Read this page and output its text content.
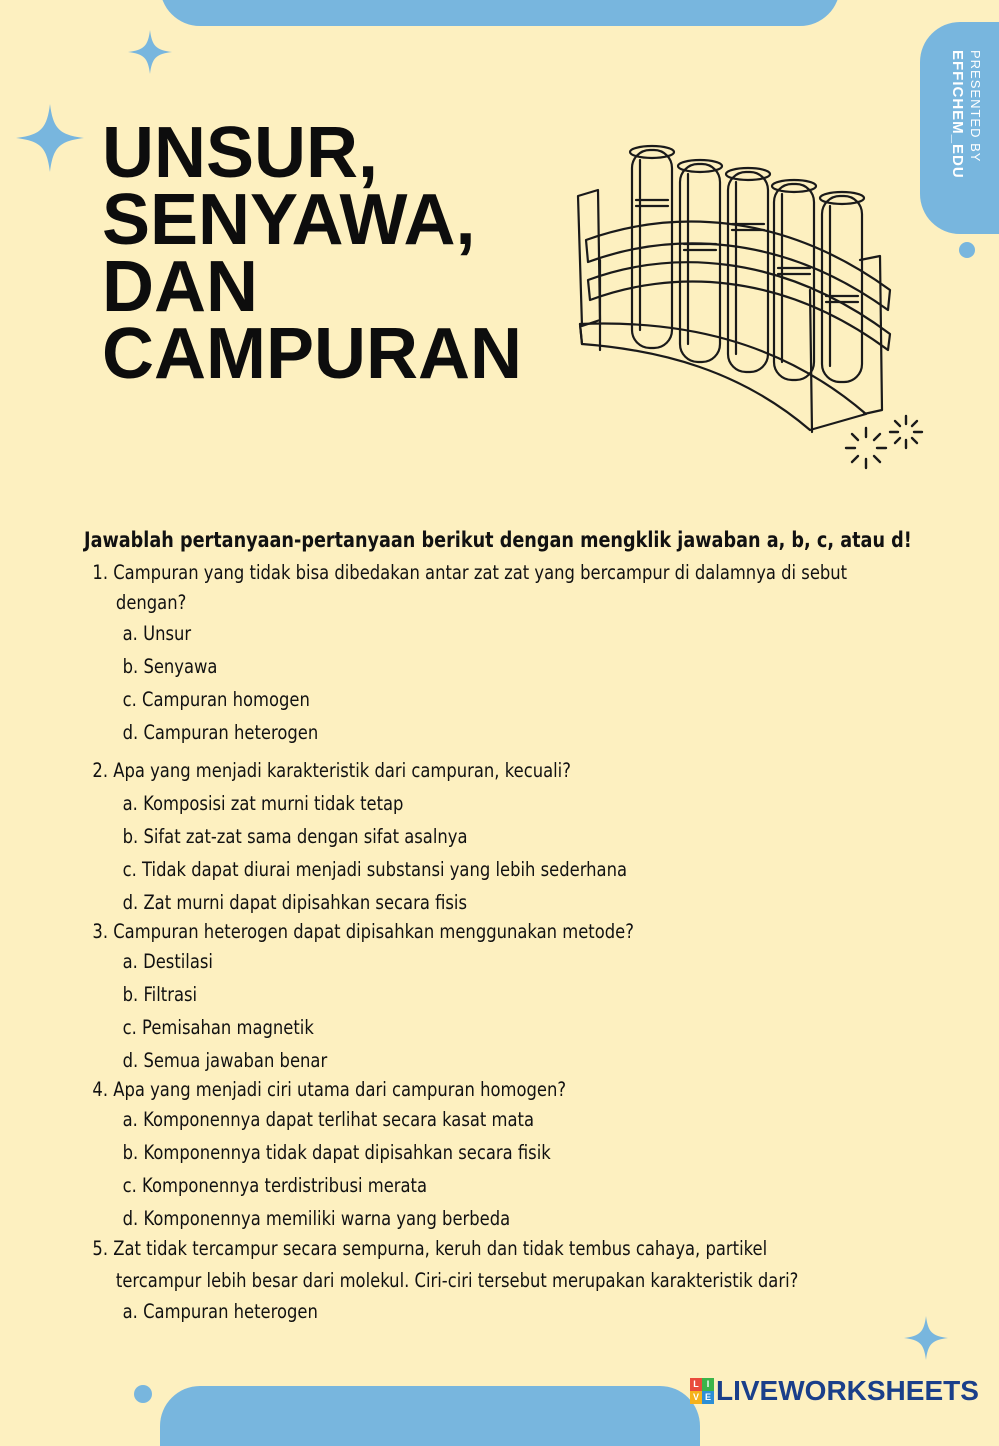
PRESENTED BY
EFFICHEM_EDU
UNSUR,
SENYAWA,
DAN
CAMPURAN
Jawablah pertanyaan-pertanyaan berikut dengan mengklik jawaban a, b, c, atau d!
1. Campuran yang tidak bisa dibedakan antar zat zat yang bercampur di dalamnya di sebut
dengan?
a. Unsur
b. Senyawa
c. Campuran homogen
d. Campuran heterogen
2. Apa yang menjadi karakteristik dari campuran, kecuali?
a. Komposisi zat murni tidak tetap
b. Sifat zat-zat sama dengan sifat asalnya
c. Tidak dapat diurai menjadi substansi yang lebih sederhana
d. Zat murni dapat dipisahkan secara fisis
3. Campuran heterogen dapat dipisahkan menggunakan metode?
a. Destilasi
b. Filtrasi
c. Pemisahan magnetik
d. Semua jawaban benar
4. Apa yang menjadi ciri utama dari campuran homogen?
a. Komponennya dapat terlihat secara kasat mata
b. Komponennya tidak dapat dipisahkan secara fisik
c. Komponennya terdistribusi merata
d. Komponennya memiliki warna yang berbeda
5. Zat tidak tercampur secara sempurna, keruh dan tidak tembus cahaya, partikel
tercampur lebih besar dari molekul. Ciri-ciri tersebut merupakan karakteristik dari?
a. Campuran heterogen
L I
V E LIVEWORKSHEETS
